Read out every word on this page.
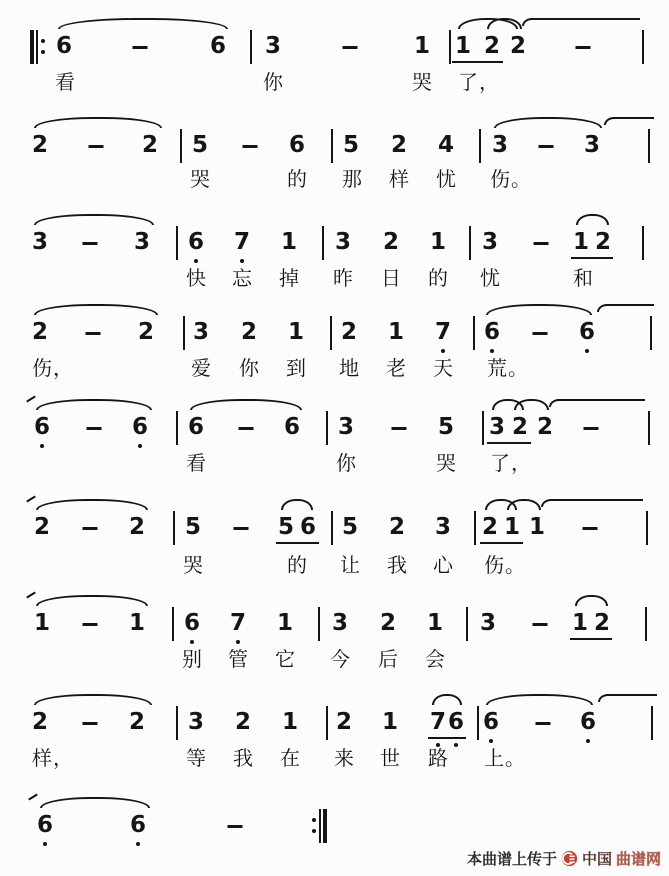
6	6 3	1 1 2 2
看	你	哭 了，
2	2 5	6 5 2 4 3	3
哭	的 那 样 忧 伤。
3	3 6 7 1 3 2 1 3	1 2
快 忘 掉 昨 日 的 忧	和
2	2 3 2 1 2 1 7 6	6
伤，	爱 你 到 地 老 天 荒。
6	6 6	6 3	5 3 2 2
看	你	哭 了，
2	2 5	5 6 5 2 3 2 1 1
哭	的 让 我 心 伤。
1	1 6 7 1 3 2 1 3	1 2
别 管 它 今 后 会
2	2 3 2 1 2 1 7 6 6	6
样，	等 我 在 来 世 路 上。
6	6
本曲谱上传于 中国 曲谱网
